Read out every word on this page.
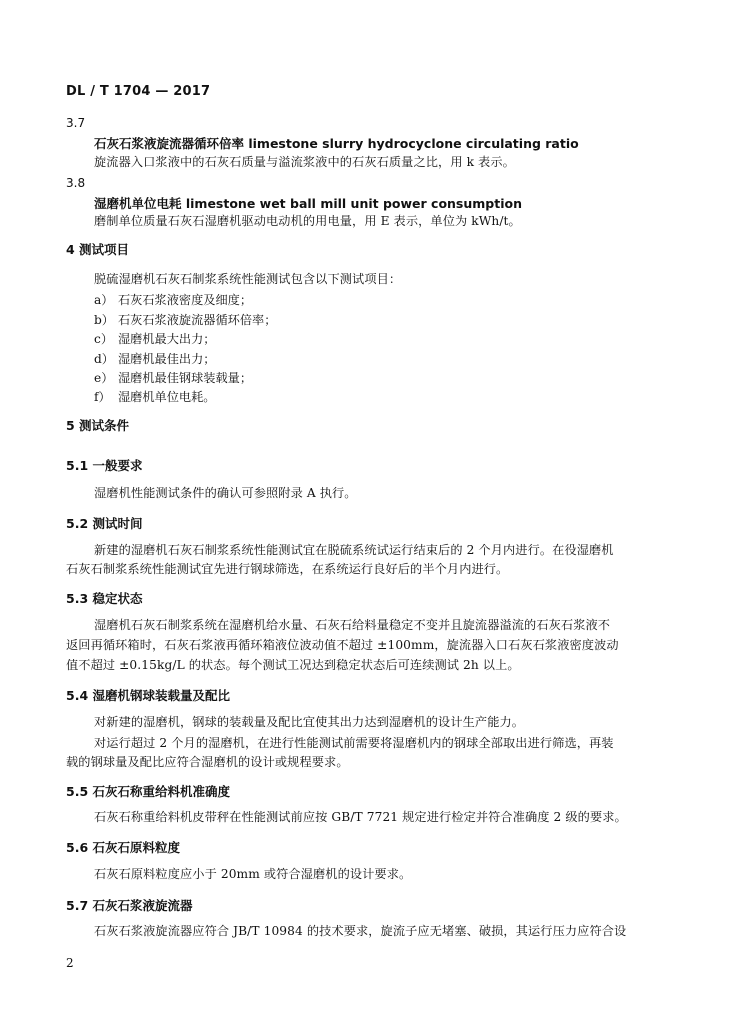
DL / T 1704 — 2017
3.7
石灰石浆液旋流器循环倍率 limestone slurry hydrocyclone circulating ratio
旋流器入口浆液中的石灰石质量与溢流浆液中的石灰石质量之比，用 k 表示。
3.8
湿磨机单位电耗 limestone wet ball mill unit power consumption
磨制单位质量石灰石湿磨机驱动电动机的用电量，用 E 表示，单位为 kWh/t。
4 测试项目
脱硫湿磨机石灰石制浆系统性能测试包含以下测试项目：
a） 石灰石浆液密度及细度；
b） 石灰石浆液旋流器循环倍率；
c） 湿磨机最大出力；
d） 湿磨机最佳出力；
e） 湿磨机最佳钢球装载量；
f） 湿磨机单位电耗。
5 测试条件
5.1 一般要求
湿磨机性能测试条件的确认可参照附录 A 执行。
5.2 测试时间
新建的湿磨机石灰石制浆系统性能测试宜在脱硫系统试运行结束后的 2 个月内进行。在役湿磨机
石灰石制浆系统性能测试宜先进行钢球筛选，在系统运行良好后的半个月内进行。
5.3 稳定状态
湿磨机石灰石制浆系统在湿磨机给水量、石灰石给料量稳定不变并且旋流器溢流的石灰石浆液不
返回再循环箱时，石灰石浆液再循环箱液位波动值不超过 ±100mm，旋流器入口石灰石浆液密度波动
值不超过 ±0.15kg/L 的状态。每个测试工况达到稳定状态后可连续测试 2h 以上。
5.4 湿磨机钢球装载量及配比
对新建的湿磨机，钢球的装载量及配比宜使其出力达到湿磨机的设计生产能力。
对运行超过 2 个月的湿磨机，在进行性能测试前需要将湿磨机内的钢球全部取出进行筛选，再装
载的钢球量及配比应符合湿磨机的设计或规程要求。
5.5 石灰石称重给料机准确度
石灰石称重给料机皮带秤在性能测试前应按 GB/T 7721 规定进行检定并符合准确度 2 级的要求。
5.6 石灰石原料粒度
石灰石原料粒度应小于 20mm 或符合湿磨机的设计要求。
5.7 石灰石浆液旋流器
石灰石浆液旋流器应符合 JB/T 10984 的技术要求，旋流子应无堵塞、破损，其运行压力应符合设
2
